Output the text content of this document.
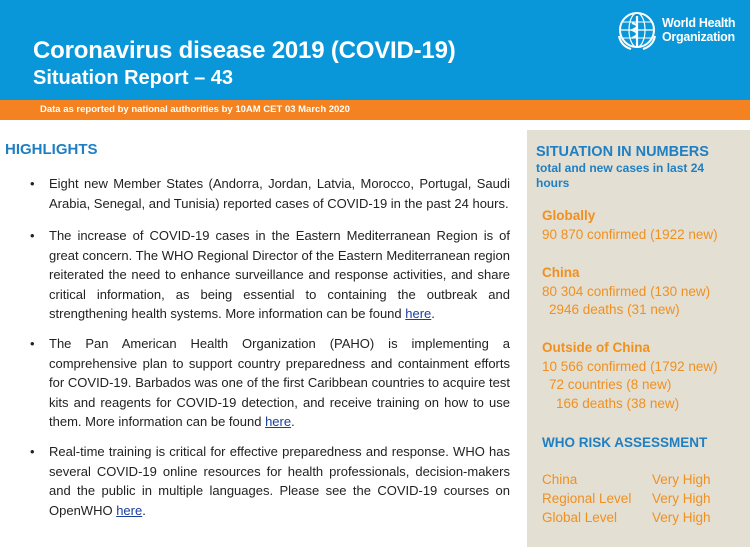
Coronavirus disease 2019 (COVID-19)
Situation Report – 43
World Health
Organization
Data as reported by national authorities by 10AM CET 03 March 2020
HIGHLIGHTS
• Eight new Member States (Andorra, Jordan, Latvia, Morocco, Portugal, Saudi Arabia, Senegal, and Tunisia) reported cases of COVID-19 in the past 24 hours.
• The increase of COVID-19 cases in the Eastern Mediterranean Region is of great concern. The WHO Regional Director of the Eastern Mediterranean region reiterated the need to enhance surveillance and response activities, and share critical information, as being essential to containing the outbreak and strengthening health systems. More information can be found here.
• The Pan American Health Organization (PAHO) is implementing a comprehensive plan to support country preparedness and containment efforts for COVID-19. Barbados was one of the first Caribbean countries to acquire test kits and reagents for COVID-19 detection, and receive training on how to use them. More information can be found here.
• Real-time training is critical for effective preparedness and response. WHO has several COVID-19 online resources for health professionals, decision-makers and the public in multiple languages. Please see the COVID-19 courses on OpenWHO here.
SITUATION IN NUMBERS
total and new cases in last 24 hours
Globally
90 870 confirmed (1922 new)
China
80 304 confirmed (130 new)
2946 deaths (31 new)
Outside of China
10 566 confirmed (1792 new)
72 countries (8 new)
166 deaths (38 new)
WHO RISK ASSESSMENT
China	Very High
Regional Level Very High
Global Level	Very High
